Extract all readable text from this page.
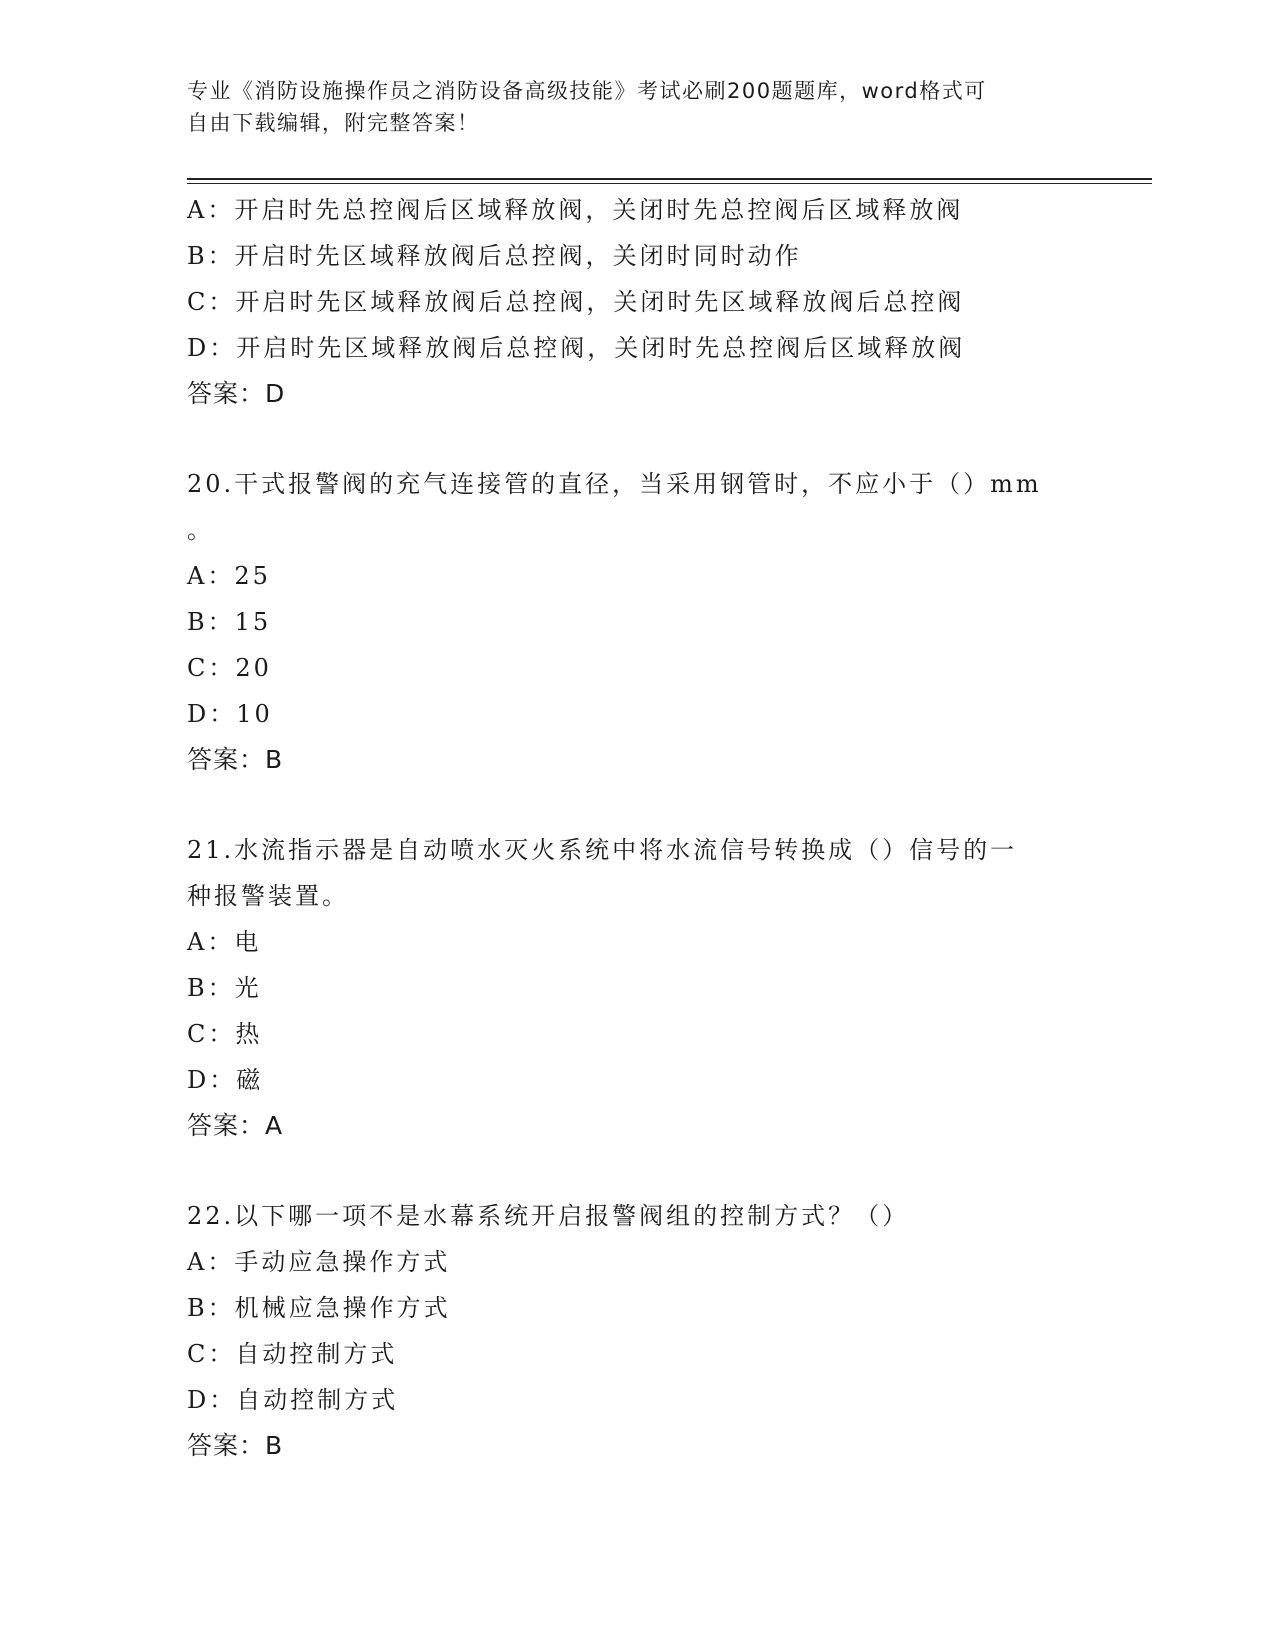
专业《消防设施操作员之消防设备高级技能》考试必刷200题题库，word格式可
自由下载编辑，附完整答案！
A：开启时先总控阀后区域释放阀，关闭时先总控阀后区域释放阀
B：开启时先区域释放阀后总控阀，关闭时同时动作
C：开启时先区域释放阀后总控阀，关闭时先区域释放阀后总控阀
D：开启时先区域释放阀后总控阀，关闭时先总控阀后区域释放阀
答案：D
20.干式报警阀的充气连接管的直径，当采用钢管时，不应小于（）mm
。
A：25
B：15
C：20
D：10
答案：B
21.水流指示器是自动喷水灭火系统中将水流信号转换成（）信号的一
种报警装置。
A：电
B：光
C：热
D：磁
答案：A
22.以下哪一项不是水幕系统开启报警阀组的控制方式？（）
A：手动应急操作方式
B：机械应急操作方式
C：自动控制方式
D：自动控制方式
答案：B
